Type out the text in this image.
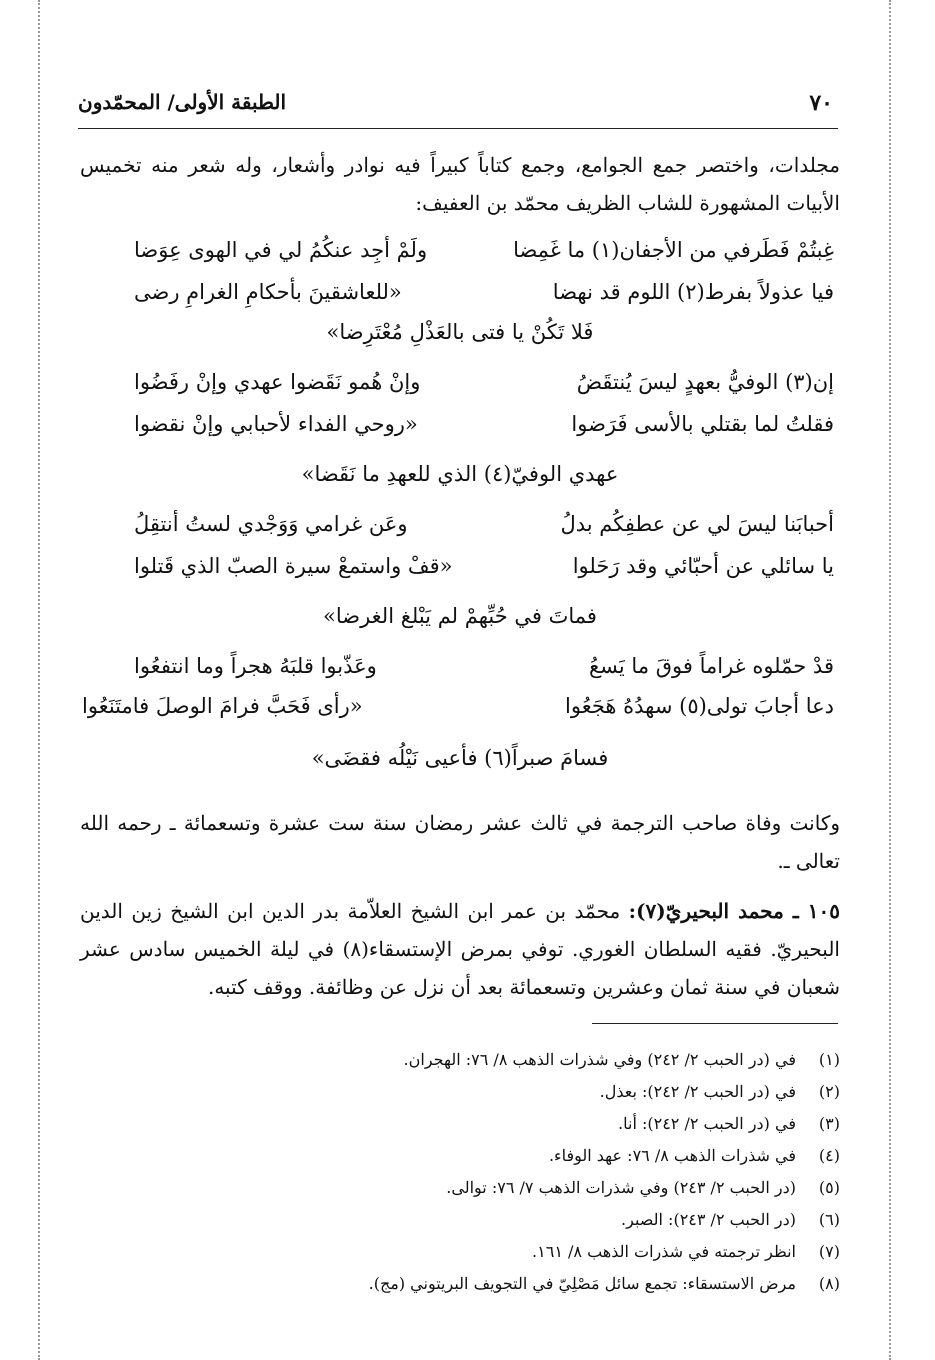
٧٠
الطبقة الأولى/ المحمّدون
مجلدات، واختصر جمع الجوامع، وجمع كتاباً كبيراً فيه نوادر وأشعار، وله شعر منه تخميس الأبيات المشهورة للشاب الظريف محمّد بن العفيف:
غِبتُمْ فَطَرفي من الأجفان(١) ما غَمِضا
ولَمْ أجِد عنكُمُ لي في الهوى عِوَضا
فيا عذولاً بفرط(٢) اللوم قد نهضا
«للعاشقينَ بأحكامِ الغرامِ رضى
فَلا تَكُنْ يا فتى بالعَذْلِ مُعْتَرِضا»
إن(٣) الوفيُّ بعهدٍ ليسَ يُنتقَضُ
وإنْ هُمو نَقَضوا عهدي وإنْ رفَضُوا
فقلتُ لما بقتلي بالأسى فَرَضوا
«روحي الفداء لأحبابي وإنْ نقضوا
عهدي الوفيّ(٤) الذي للعهدِ ما نَقَضا»
أحبابَنا ليسَ لي عن عطفِكُم بدلُ
وعَن غرامي وَوَجْدي لستُ أنتقِلُ
يا سائلي عن أحبّائي وقد رَحَلوا
«قفْ واستمعْ سيرة الصبّ الذي قَتلوا
فماتَ في حُبِّهمْ لم يَبْلغ الغرضا»
قدْ حمّلوه غراماً فوقَ ما يَسعُ
وعَذّبوا قلبَهُ هجراً وما انتفعُوا
دعا أجابَ تولى(٥) سهدُهُ هَجَعُوا
«رأى فَحَبَّ فرامَ الوصلَ فامتَنَعُوا
فسامَ صبراً(٦) فأعيى نَيْلُه فقضَى»
وكانت وفاة صاحب الترجمة في ثالث عشر رمضان سنة ست عشرة وتسعمائة ـ رحمه الله تعالى ـ.
١٠٥ ـ محمد البحيريّ(٧): محمّد بن عمر ابن الشيخ العلاّمة بدر الدين ابن الشيخ زين الدين البحيريّ. فقيه السلطان الغوري. توفي بمرض الإستسقاء(٨) في ليلة الخميس سادس عشر شعبان في سنة ثمان وعشرين وتسعمائة بعد أن نزل عن وظائفة. ووقف كتبه.
(١)في (در الحبب ٢/ ٢٤٢) وفي شذرات الذهب ٨/ ٧٦: الهجران.
(٢)في (در الحبب ٢/ ٢٤٢): بعذل.
(٣)في (در الحبب ٢/ ٢٤٢): أنا.
(٤)في شذرات الذهب ٨/ ٧٦: عهد الوفاء.
(٥)(در الحبب ٢/ ٢٤٣) وفي شذرات الذهب ٧/ ٧٦: توالى.
(٦)(در الحبب ٢/ ٢٤٣): الصبر.
(٧)انظر ترجمته في شذرات الذهب ٨/ ١٦١.
(٨)مرض الاستسقاء: تجمع سائل مَصْلِيّ في التجويف البريتوني (مج).
